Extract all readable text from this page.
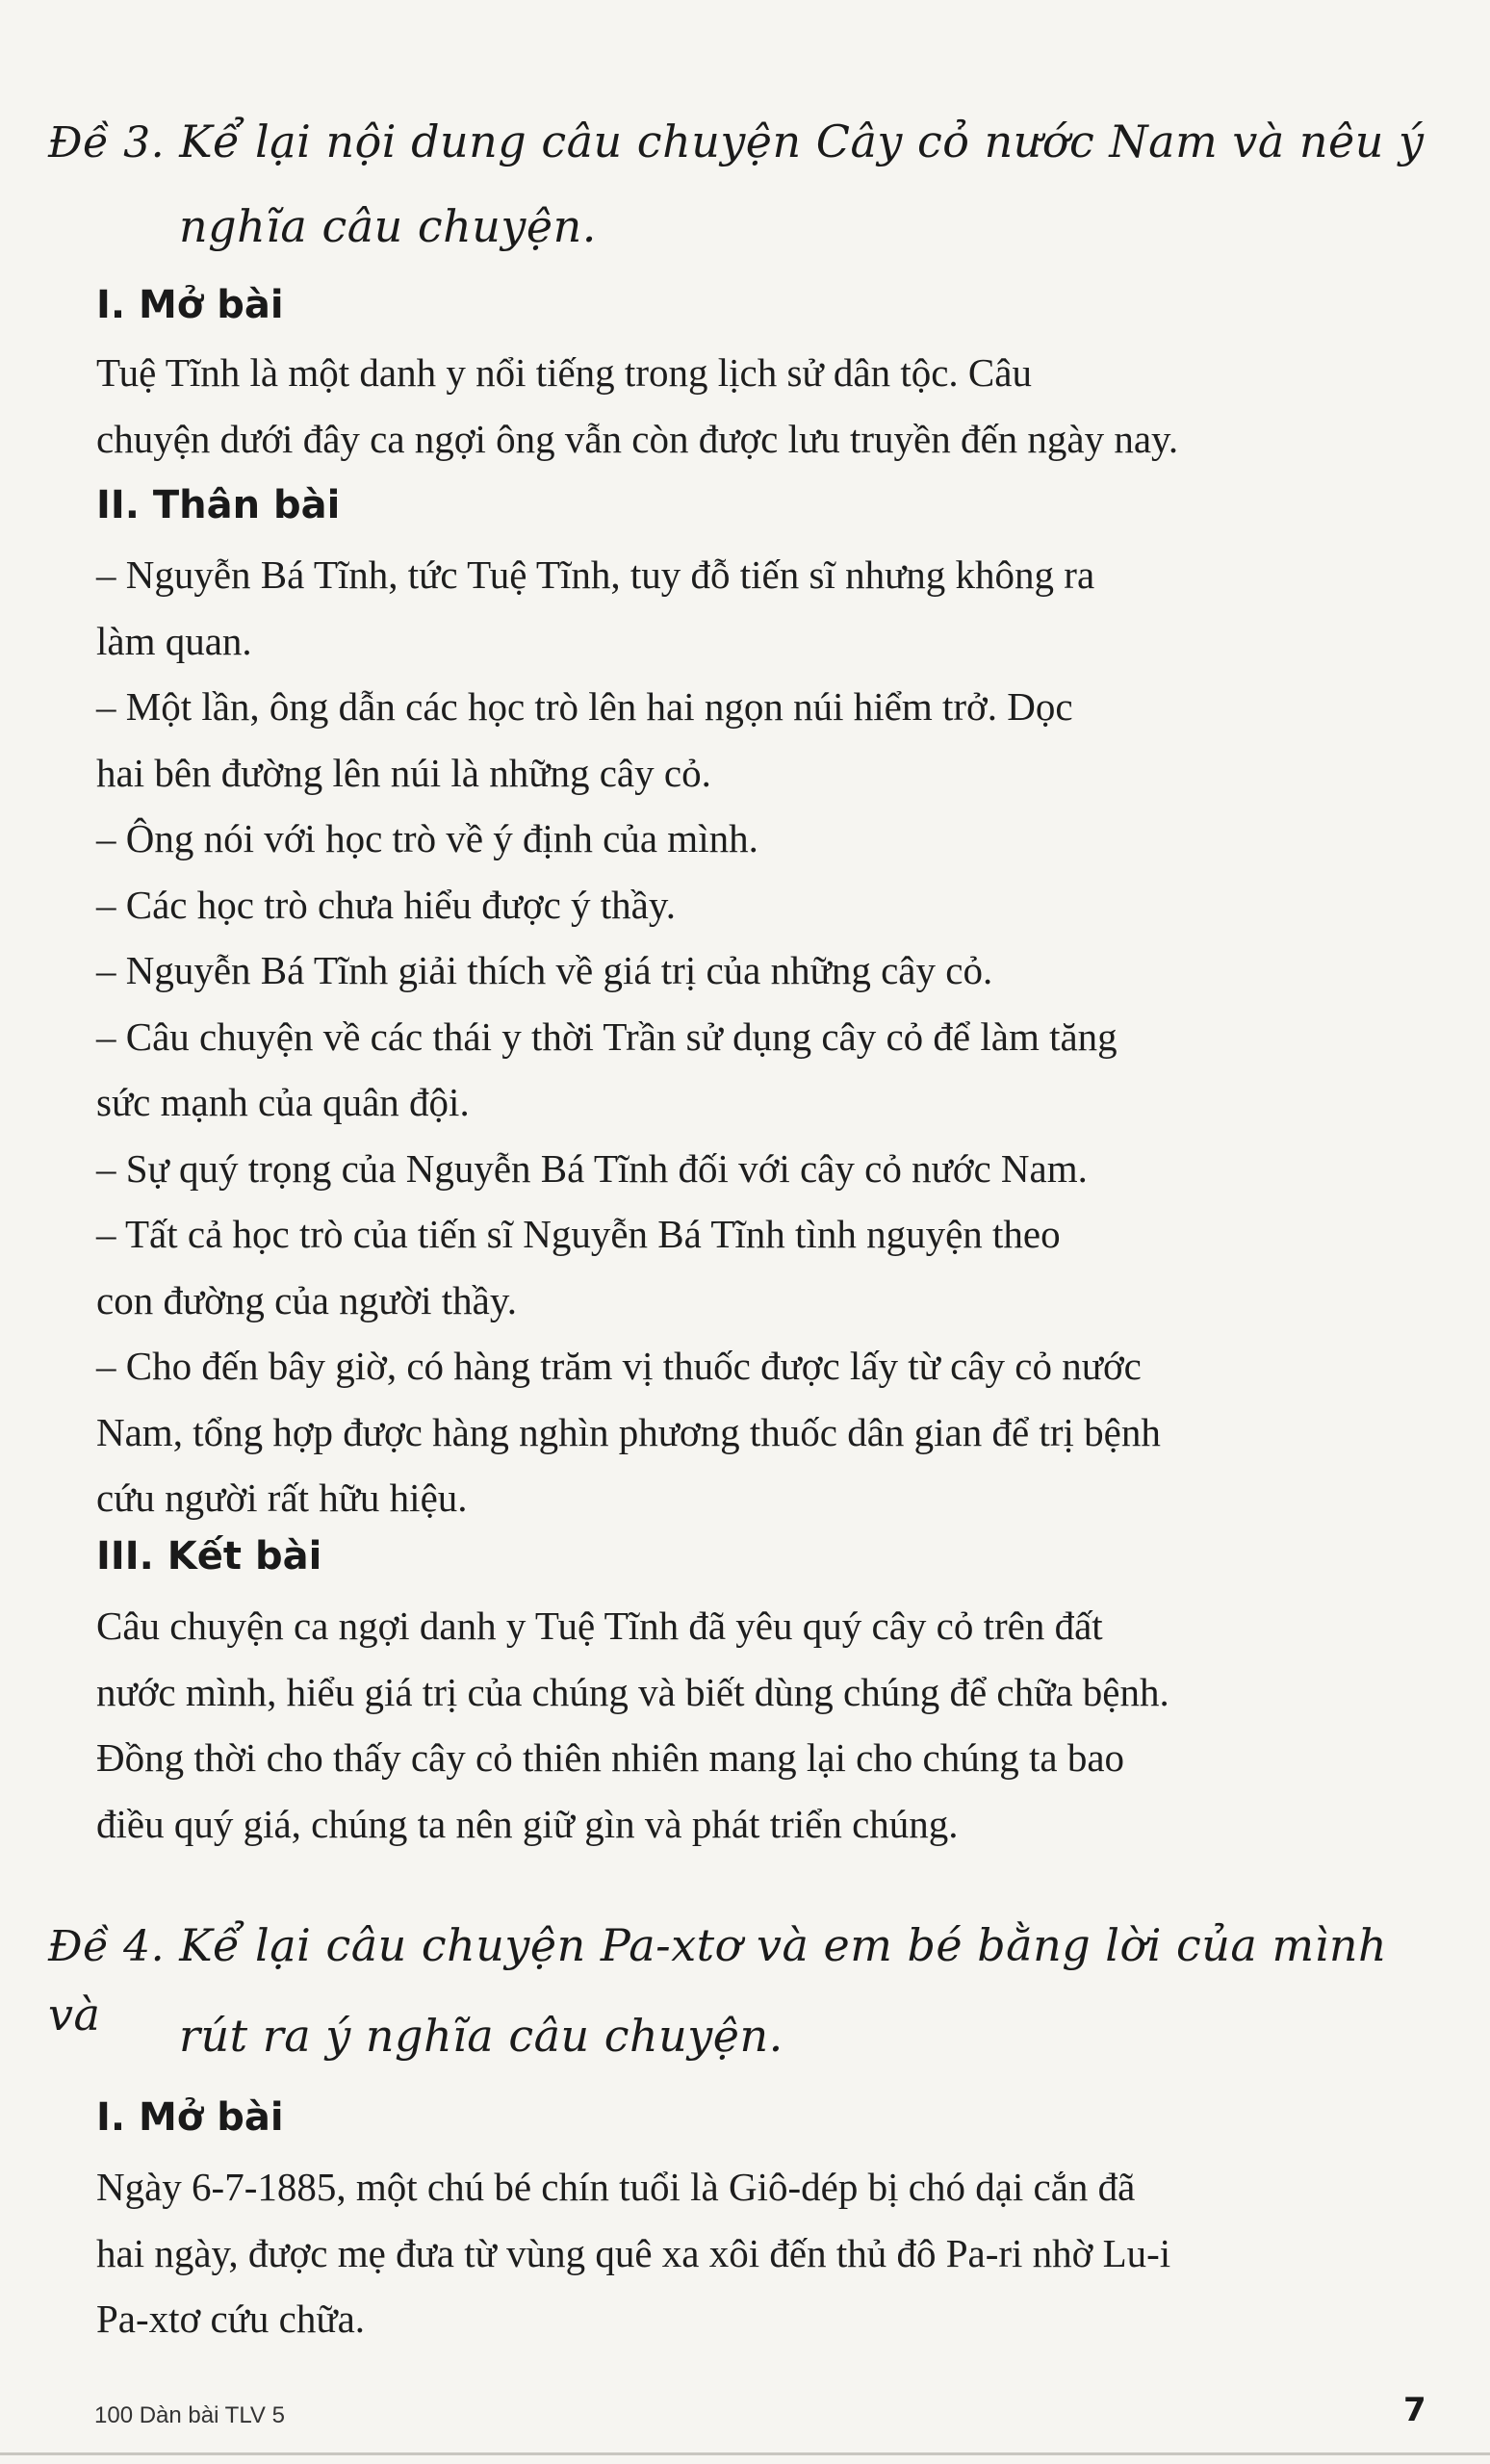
Đề 3. Kể lại nội dung câu chuyện Cây cỏ nước Nam và nêu ý
nghĩa câu chuyện.
I. Mở bài
Tuệ Tĩnh là một danh y nổi tiếng trong lịch sử dân tộc. Câu
chuyện dưới đây ca ngợi ông vẫn còn được lưu truyền đến ngày nay.
II. Thân bài
– Nguyễn Bá Tĩnh, tức Tuệ Tĩnh, tuy đỗ tiến sĩ nhưng không ra
làm quan.
– Một lần, ông dẫn các học trò lên hai ngọn núi hiểm trở. Dọc
hai bên đường lên núi là những cây cỏ.
– Ông nói với học trò về ý định của mình.
– Các học trò chưa hiểu được ý thầy.
– Nguyễn Bá Tĩnh giải thích về giá trị của những cây cỏ.
– Câu chuyện về các thái y thời Trần sử dụng cây cỏ để làm tăng
sức mạnh của quân đội.
– Sự quý trọng của Nguyễn Bá Tĩnh đối với cây cỏ nước Nam.
– Tất cả học trò của tiến sĩ Nguyễn Bá Tĩnh tình nguyện theo
con đường của người thầy.
– Cho đến bây giờ, có hàng trăm vị thuốc được lấy từ cây cỏ nước
Nam, tổng hợp được hàng nghìn phương thuốc dân gian để trị bệnh
cứu người rất hữu hiệu.
III. Kết bài
Câu chuyện ca ngợi danh y Tuệ Tĩnh đã yêu quý cây cỏ trên đất
nước mình, hiểu giá trị của chúng và biết dùng chúng để chữa bệnh.
Đồng thời cho thấy cây cỏ thiên nhiên mang lại cho chúng ta bao
điều quý giá, chúng ta nên giữ gìn và phát triển chúng.
Đề 4. Kể lại câu chuyện Pa-xtơ và em bé bằng lời của mình và	rút ra ý nghĩa câu chuyện.
I. Mở bài
Ngày 6-7-1885, một chú bé chín tuổi là Giô-dép bị chó dại cắn đã
hai ngày, được mẹ đưa từ vùng quê xa xôi đến thủ đô Pa-ri nhờ Lu-i
Pa-xtơ cứu chữa.
100 Dàn bài TLV 5	7
